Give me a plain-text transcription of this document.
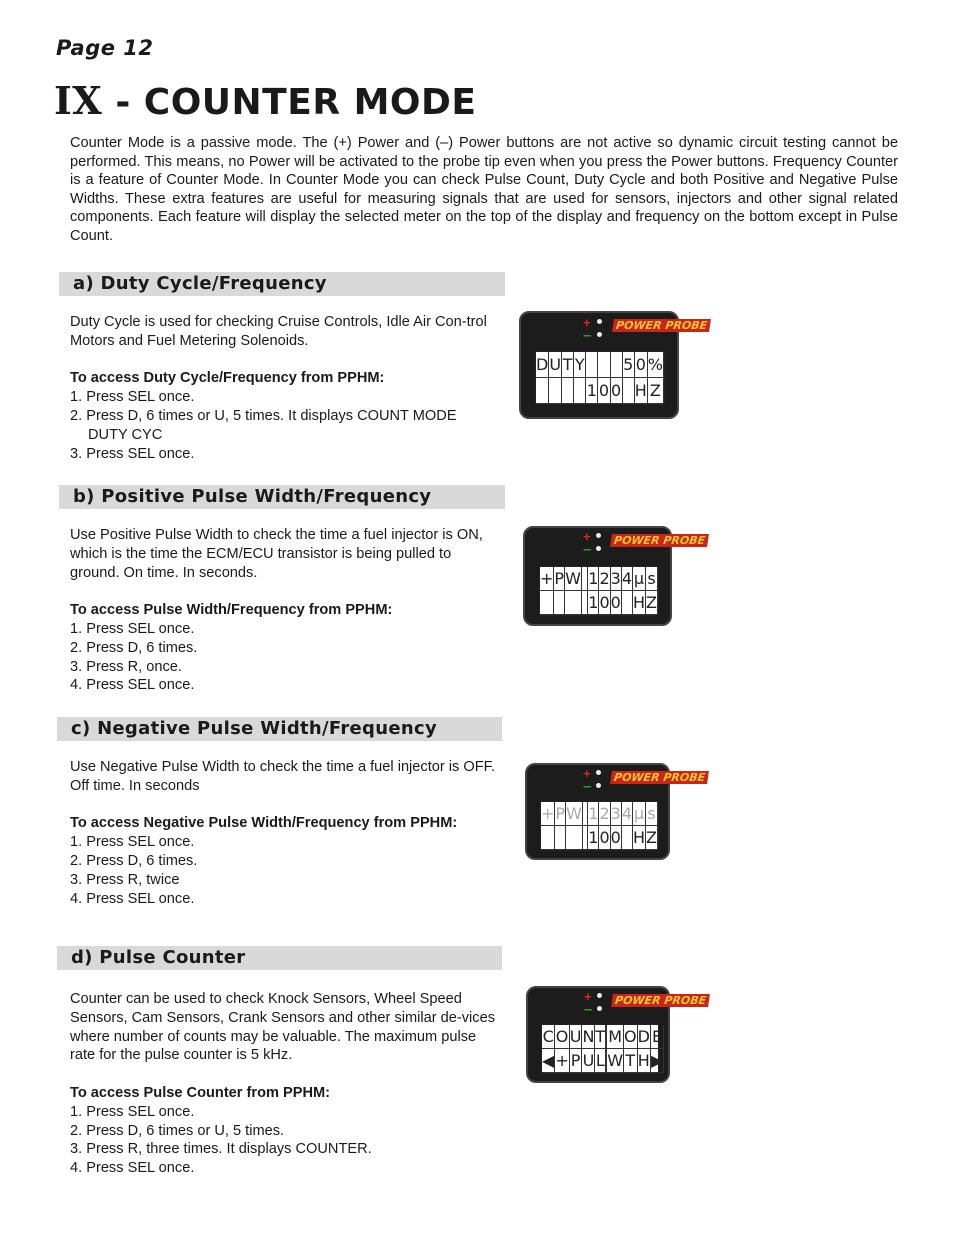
Page 12
IX - COUNTER MODE
Counter Mode is a passive mode. The (+) Power and (–) Power buttons are not active so dynamic circuit testing cannot be performed. This means, no Power will be activated to the probe tip even when you press the Power buttons. Frequency Counter is a feature of Counter Mode. In Counter Mode you can check Pulse Count, Duty Cycle and both Positive and Negative Pulse Widths. These extra features are useful for measuring signals that are used for sensors, injectors and other signal related components. Each feature will display the selected meter on the top of the display and frequency on the bottom except in Pulse Count.
a) Duty Cycle/Frequency

Duty Cycle is used for checking Cruise Controls, Idle Air Con-trol Motors and Fuel Metering Solenoids.

To access Duty Cycle/Frequency from PPHM:

1. Press SEL once.

2. Press D, 6 times or U, 5 times. It displays COUNT MODE

DUTY CYC

3. Press SEL once.

+
–
POWER PROBE
D U T Y 5 0 %
1 0 0 H Z
b) Positive Pulse Width/Frequency

Use Positive Pulse Width to check the time a fuel injector is ON, which is the time the ECM/ECU transistor is being pulled to ground. On time. In seconds.

To access Pulse Width/Frequency from PPHM:

1. Press SEL once.

2. Press D, 6 times.

3. Press R, once.

4. Press SEL once.

+
–
POWER PROBE
+ P W 1 2 3 4 μ s
1 0 0 H Z
c) Negative Pulse Width/Frequency

Use Negative Pulse Width to check the time a fuel injector is OFF. Off time. In seconds

To access Negative Pulse Width/Frequency from PPHM:

1. Press SEL once.

2. Press D, 6 times.

3. Press R, twice

4. Press SEL once.

+
–
POWER PROBE
+ P W 1 2 3 4 μ s
1 0 0 H Z
d) Pulse Counter

Counter can be used to check Knock Sensors, Wheel Speed Sensors, Cam Sensors, Crank Sensors and other similar de-vices where number of counts may be valuable. The maximum pulse rate for the pulse counter is 5 kHz.

To access Pulse Counter from PPHM:

1. Press SEL once.

2. Press D, 6 times or U, 5 times.

3. Press R, three times. It displays COUNTER.

4. Press SEL once.

+
–
POWER PROBE
C O U N T M O D E
◀ + P U L W T H ▶
